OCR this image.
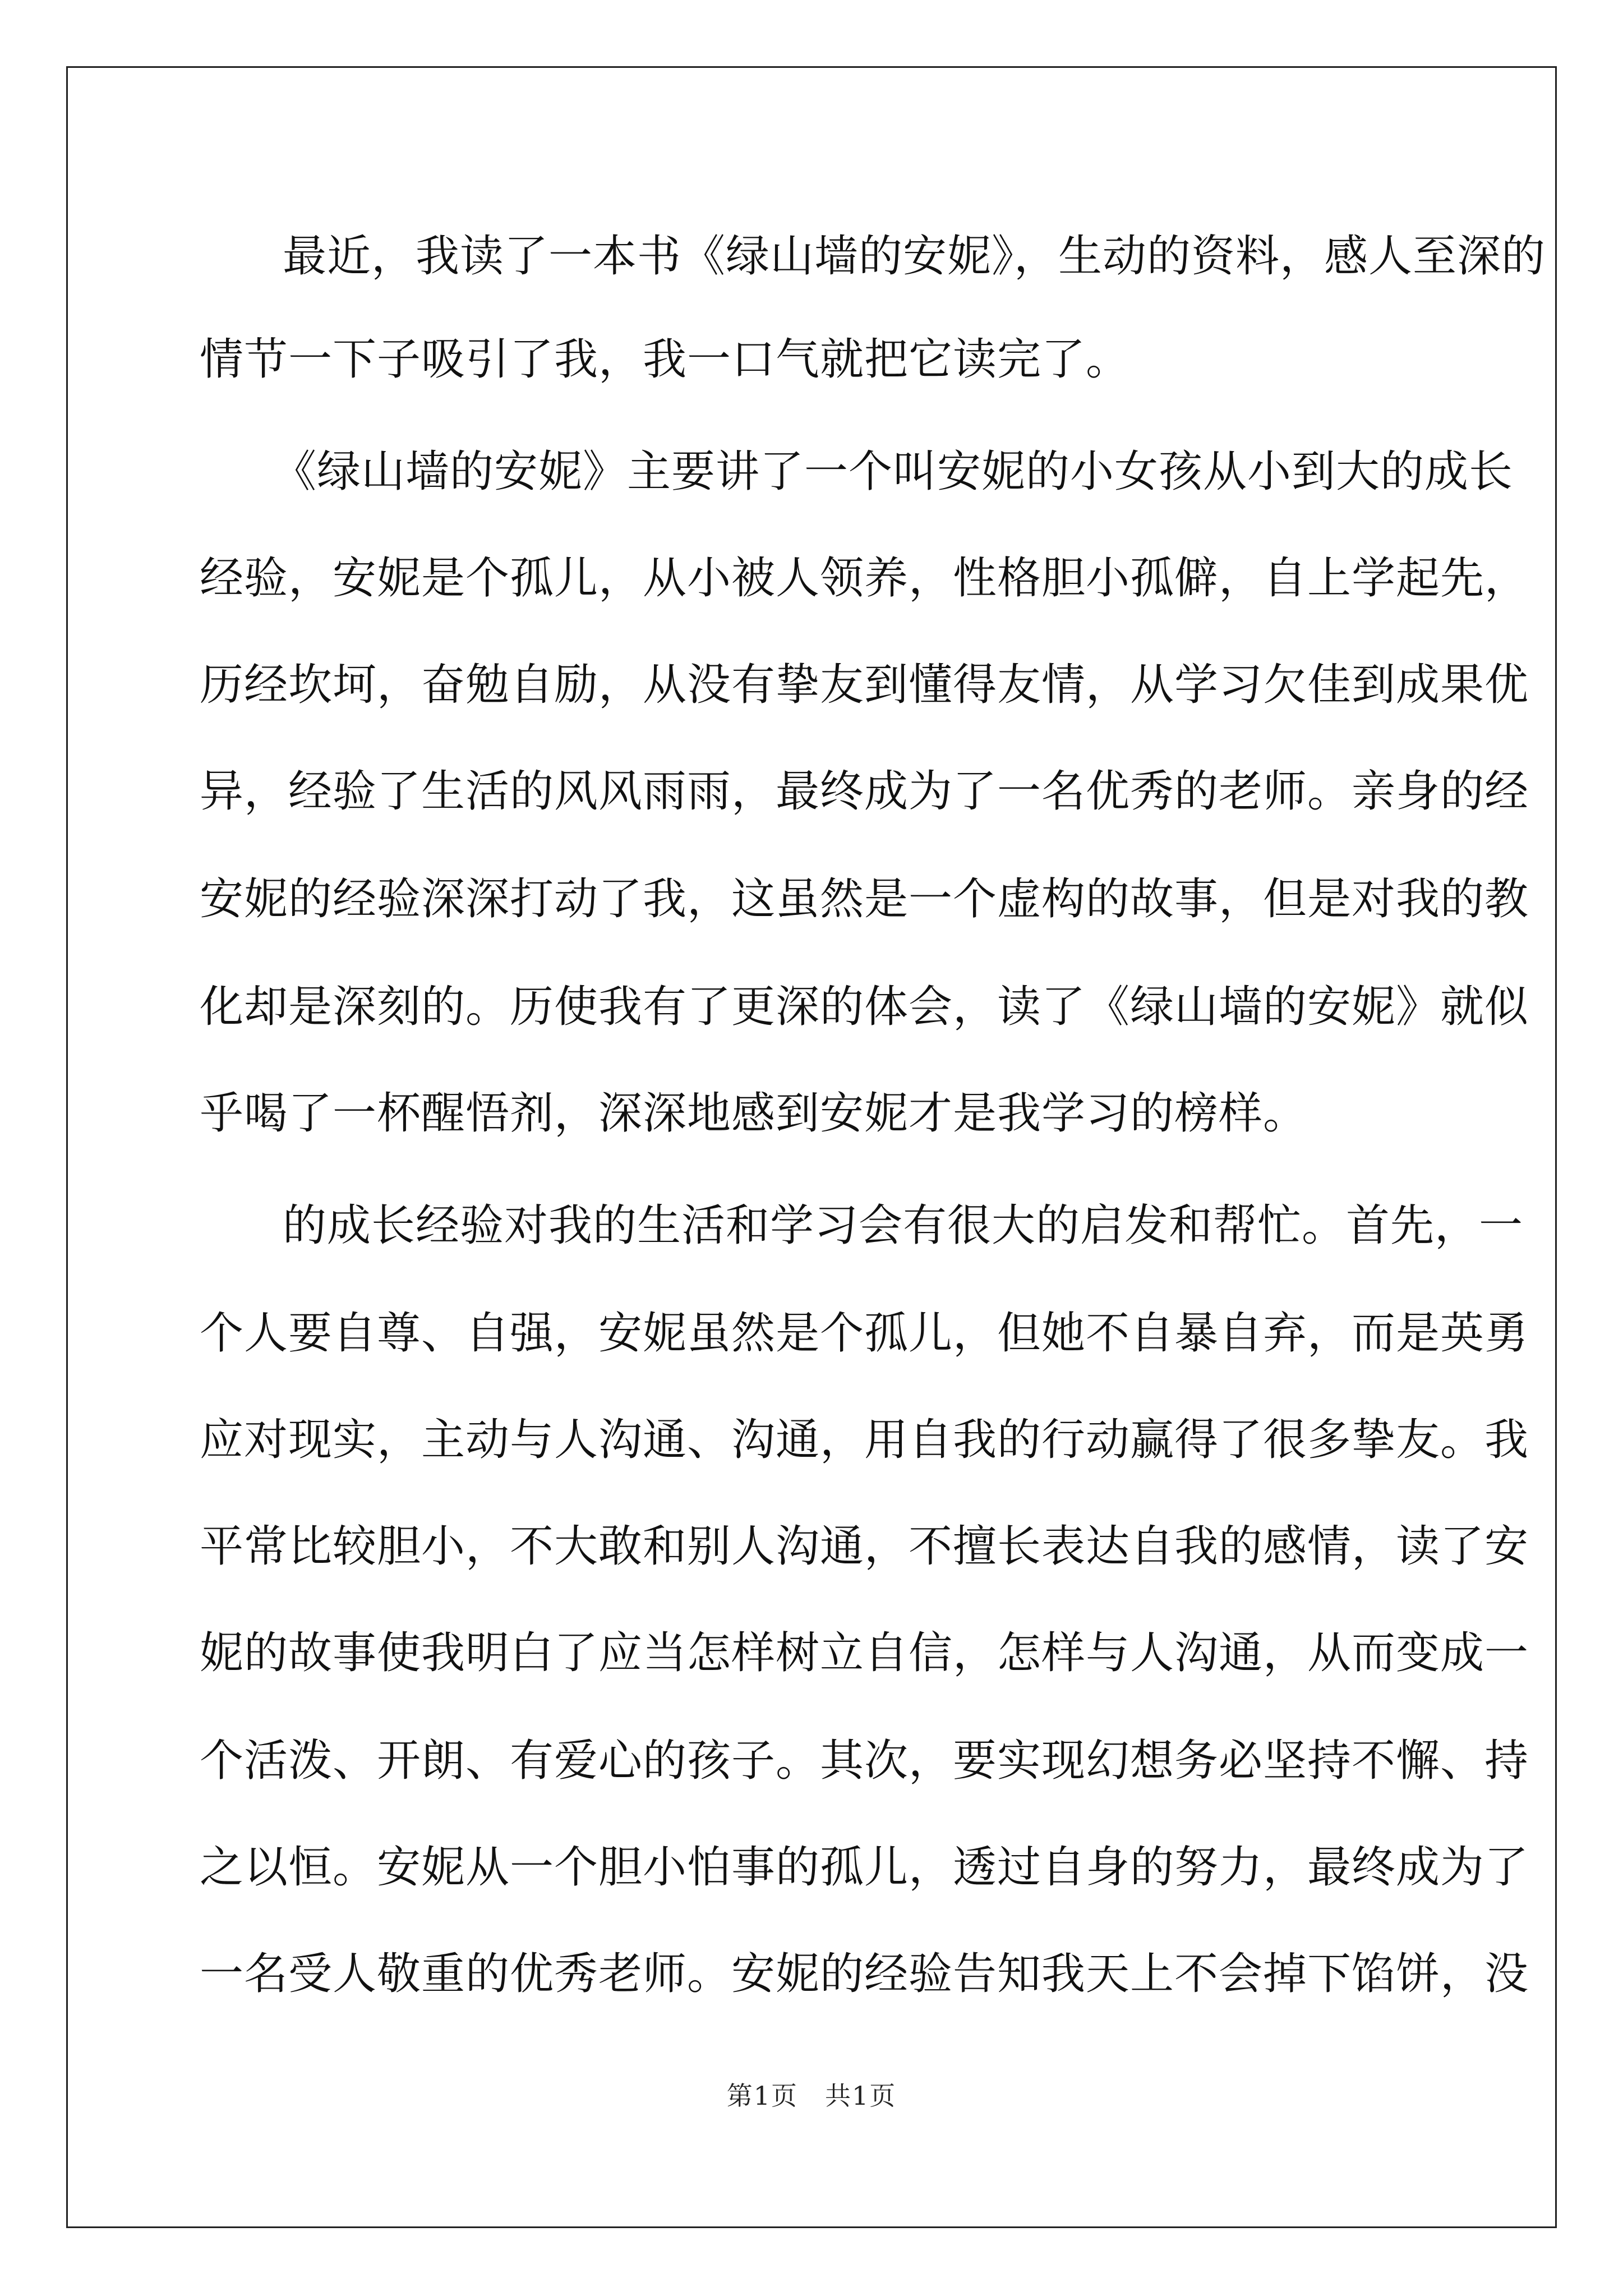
最近，我读了一本书《绿山墙的安妮》，生动的资料，感人至深的
情节一下子吸引了我，我一口气就把它读完了。
《绿山墙的安妮》主要讲了一个叫安妮的小女孩从小到大的成长
经验，安妮是个孤儿，从小被人领养，性格胆小孤僻，自上学起先，
历经坎坷，奋勉自励，从没有挚友到懂得友情，从学习欠佳到成果优
异，经验了生活的风风雨雨，最终成为了一名优秀的老师。亲身的经
安妮的经验深深打动了我，这虽然是一个虚构的故事，但是对我的教
化却是深刻的。历使我有了更深的体会，读了《绿山墙的安妮》就似
乎喝了一杯醒悟剂，深深地感到安妮才是我学习的榜样。
的成长经验对我的生活和学习会有很大的启发和帮忙。首先，一
个人要自尊、自强，安妮虽然是个孤儿，但她不自暴自弃，而是英勇
应对现实，主动与人沟通、沟通，用自我的行动赢得了很多挚友。我
平常比较胆小，不大敢和别人沟通，不擅长表达自我的感情，读了安
妮的故事使我明白了应当怎样树立自信，怎样与人沟通，从而变成一
个活泼、开朗、有爱心的孩子。其次，要实现幻想务必坚持不懈、持
之以恒。安妮从一个胆小怕事的孤儿，透过自身的努力，最终成为了
一名受人敬重的优秀老师。安妮的经验告知我天上不会掉下馅饼，没
第1页　共1页
